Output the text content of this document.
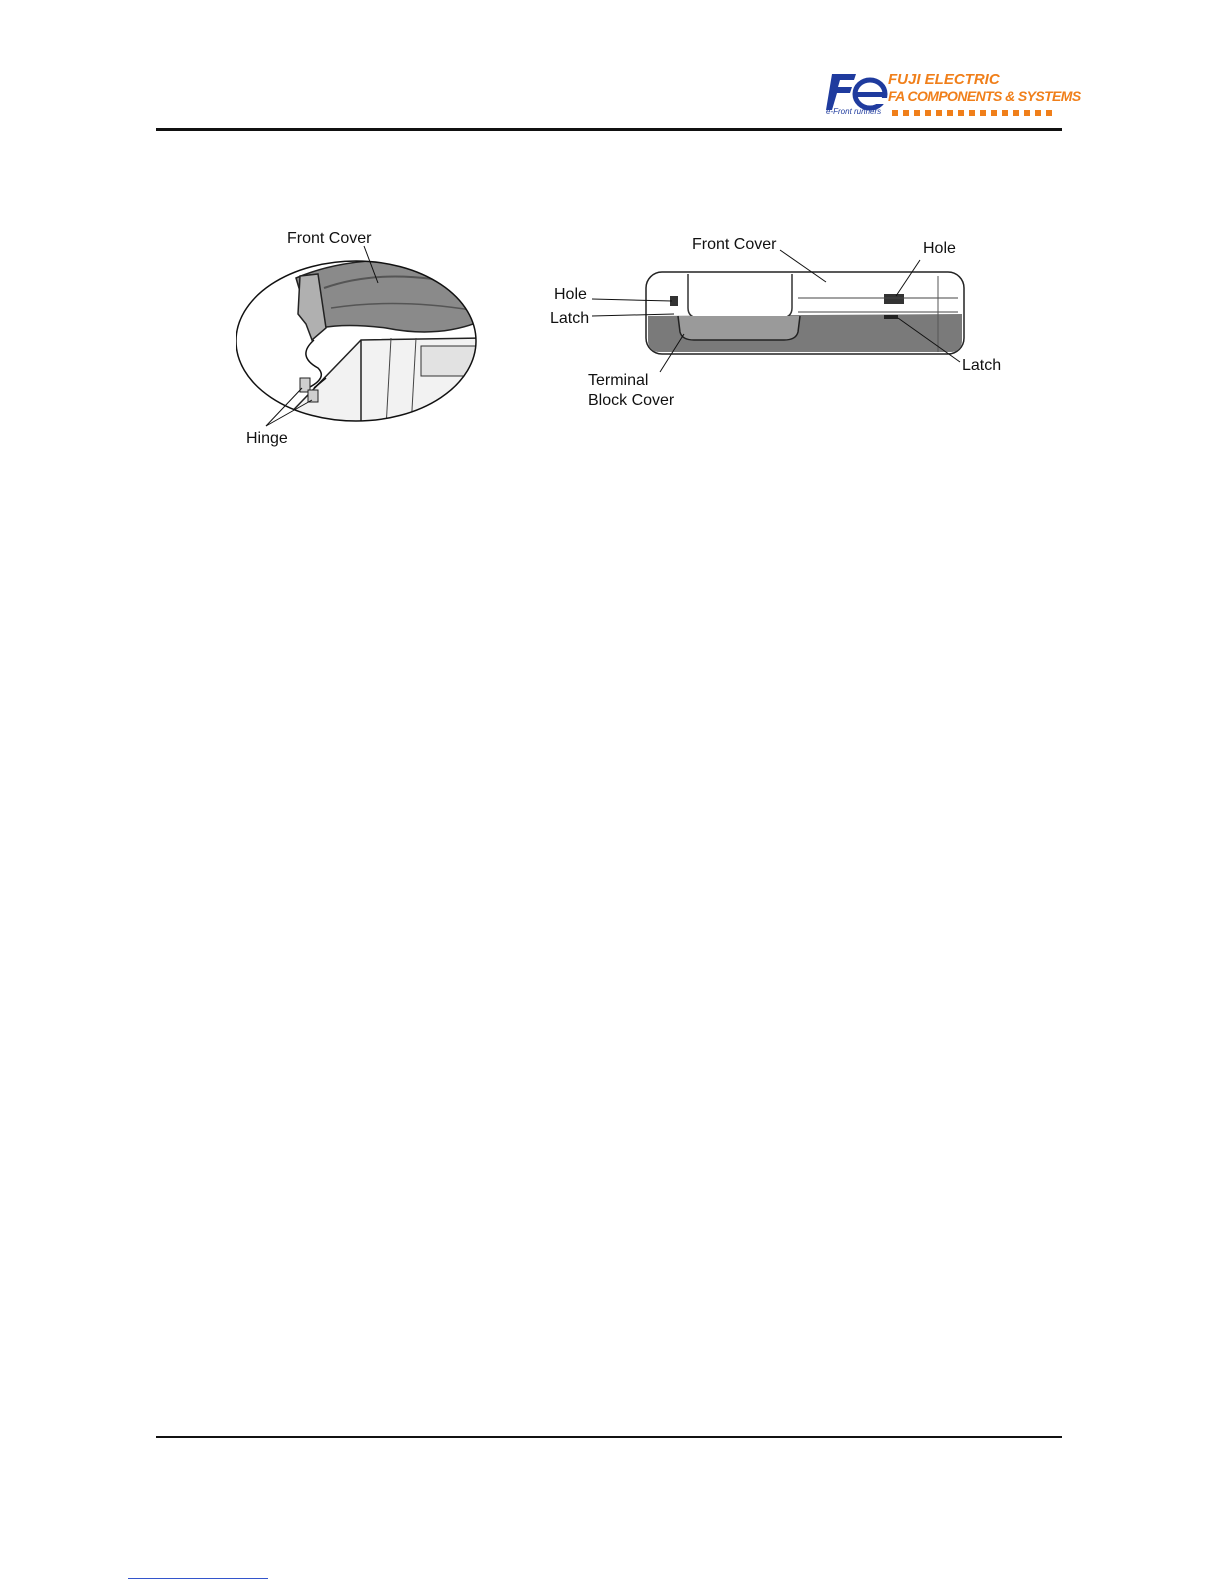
FUJI ELECTRIC
FA COMPONENTS & SYSTEMS
e-Front runners
Front Cover
Hinge
Front Cover	Hole
Hole
Latch
Latch
Terminal
Block Cover
